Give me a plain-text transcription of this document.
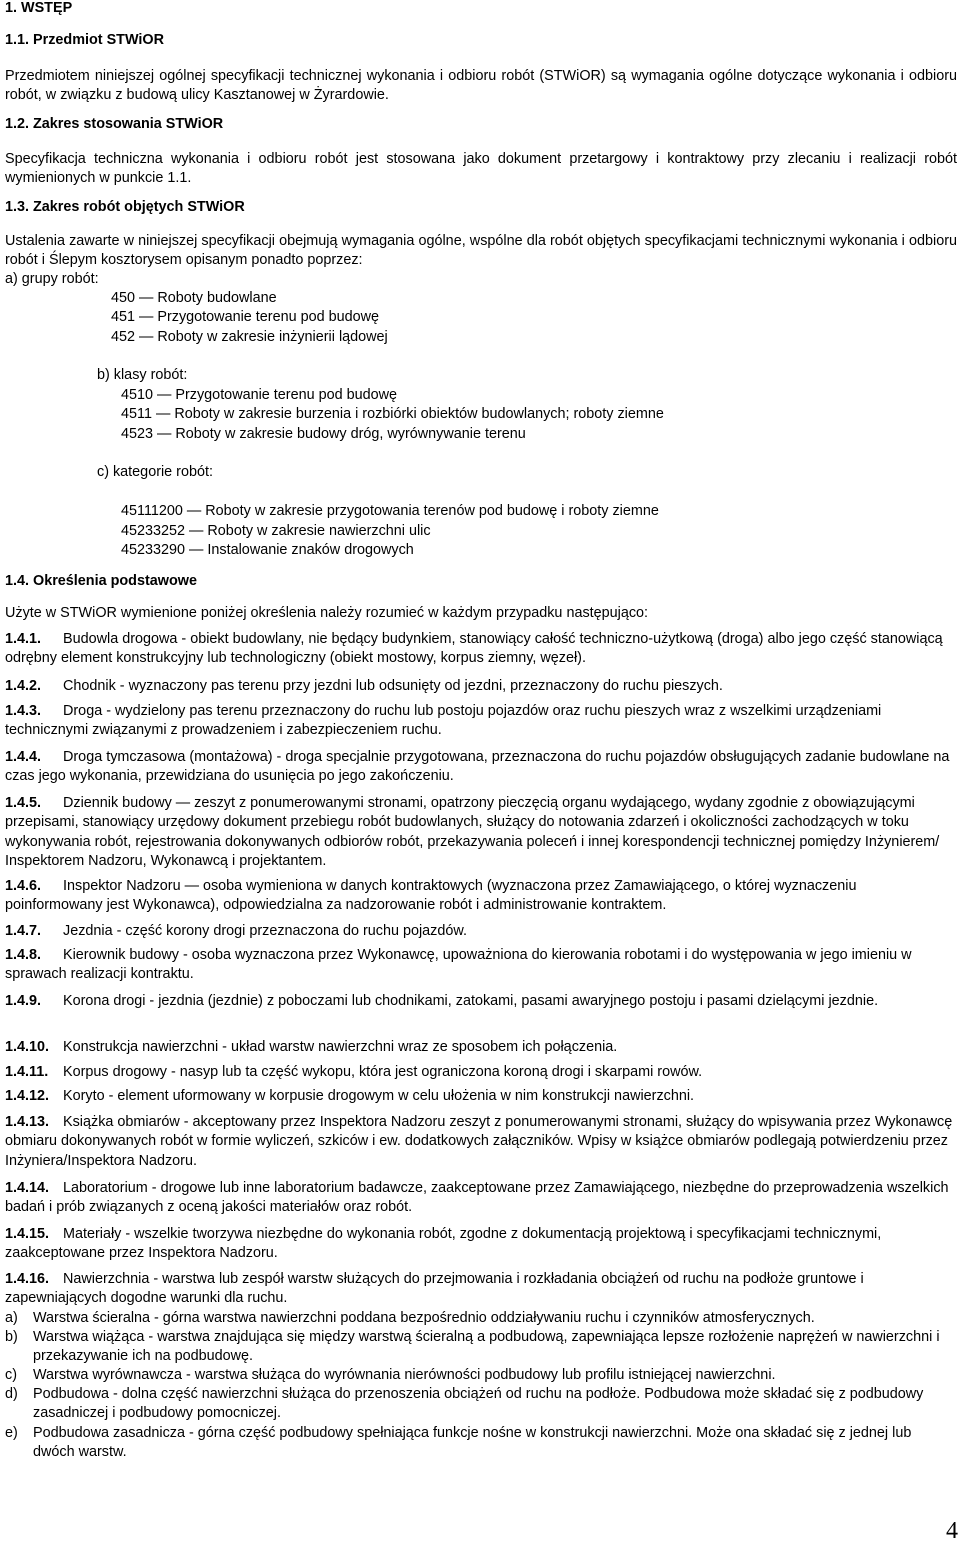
1. WSTĘP
1.1. Przedmiot STWiOR
Przedmiotem niniejszej ogólnej specyfikacji technicznej wykonania i odbioru robót (STWiOR) są wymagania ogólne dotyczące wykonania i odbioru robót, w związku z budową ulicy Kasztanowej w Żyrardowie.
1.2. Zakres stosowania STWiOR
Specyfikacja techniczna wykonania i odbioru robót jest stosowana jako dokument przetargowy i kontraktowy przy zlecaniu i realizacji robót wymienionych w punkcie 1.1.
1.3. Zakres robót objętych STWiOR
Ustalenia zawarte w niniejszej specyfikacji obejmują wymagania ogólne, wspólne dla robót objętych specyfikacjami technicznymi wykonania i odbioru robót i Ślepym kosztorysem opisanym ponadto poprzez:
a) grupy robót:
450 — Roboty budowlane
451 — Przygotowanie terenu pod budowę
452 — Roboty w zakresie inżynierii lądowej
b) klasy robót:
4510 — Przygotowanie terenu pod budowę
4511 — Roboty w zakresie burzenia i rozbiórki obiektów budowlanych; roboty ziemne
4523 — Roboty w zakresie budowy dróg, wyrównywanie terenu
c) kategorie robót:
45111200 — Roboty w zakresie przygotowania terenów pod budowę i roboty ziemne
45233252 — Roboty w zakresie nawierzchni ulic
45233290 — Instalowanie znaków drogowych
1.4. Określenia podstawowe
Użyte w STWiOR wymienione poniżej określenia należy rozumieć w każdym przypadku następująco:
1.4.1.	Budowla drogowa - obiekt budowlany, nie będący budynkiem, stanowiący całość techniczno-użytkową (droga) albo jego część stanowiącą odrębny element konstrukcyjny lub technologiczny (obiekt mostowy, korpus ziemny, węzeł).
1.4.2.	Chodnik - wyznaczony pas terenu przy jezdni lub odsunięty od jezdni, przeznaczony do ruchu pieszych.
1.4.3.	Droga - wydzielony pas terenu przeznaczony do ruchu lub postoju pojazdów oraz ruchu pieszych wraz z wszelkimi urządzeniami technicznymi związanymi z prowadzeniem i zabezpieczeniem ruchu.
1.4.4.	Droga tymczasowa (montażowa) - droga specjalnie przygotowana, przeznaczona do ruchu pojazdów obsługujących zadanie budowlane na czas jego wykonania, przewidziana do usunięcia po jego zakończeniu.
1.4.5.	Dziennik budowy — zeszyt z ponumerowanymi stronami, opatrzony pieczęcią organu wydającego, wydany zgodnie z obowiązującymi przepisami, stanowiący urzędowy dokument przebiegu robót budowlanych, służący do notowania zdarzeń i okoliczności zachodzących w toku wykonywania robót, rejestrowania dokonywanych odbiorów robót, przekazywania poleceń i innej korespondencji technicznej pomiędzy Inżynierem/ Inspektorem Nadzoru, Wykonawcą i projektantem.
1.4.6.	Inspektor Nadzoru — osoba wymieniona w danych kontraktowych (wyznaczona przez Zamawiającego, o której wyznaczeniu poinformowany jest Wykonawca), odpowiedzialna za nadzorowanie robót i administrowanie kontraktem.
1.4.7.	Jezdnia - część korony drogi przeznaczona do ruchu pojazdów.
1.4.8.	Kierownik budowy - osoba wyznaczona przez Wykonawcę, upoważniona do kierowania robotami i do występowania w jego imieniu w sprawach realizacji kontraktu.
1.4.9.	Korona drogi - jezdnia (jezdnie) z poboczami lub chodnikami, zatokami, pasami awaryjnego postoju i pasami dzielącymi jezdnie.
1.4.10. Konstrukcja nawierzchni - układ warstw nawierzchni wraz ze sposobem ich połączenia.
1.4.11.	Korpus drogowy - nasyp lub ta część wykopu, która jest ograniczona koroną drogi i skarpami rowów.
1.4.12. Koryto - element uformowany w korpusie drogowym w celu ułożenia w nim konstrukcji nawierzchni.
1.4.13. Książka obmiarów - akceptowany przez Inspektora Nadzoru zeszyt z ponumerowanymi stronami, służący do wpisywania przez Wykonawcę obmiaru dokonywanych robót w formie wyliczeń, szkiców i ew. dodatkowych załączników. Wpisy w książce obmiarów podlegają potwierdzeniu przez Inżyniera/Inspektora Nadzoru.
1.4.14. Laboratorium - drogowe lub inne laboratorium badawcze, zaakceptowane przez Zamawiającego, niezbędne do przeprowadzenia wszelkich badań i prób związanych z oceną jakości materiałów oraz robót.
1.4.15. Materiały - wszelkie tworzywa niezbędne do wykonania robót, zgodne z dokumentacją projektową i specyfikacjami technicznymi, zaakceptowane przez Inspektora Nadzoru.
1.4.16. Nawierzchnia - warstwa lub zespół warstw służących do przejmowania i rozkładania obciążeń od ruchu na podłoże gruntowe i zapewniających dogodne warunki dla ruchu.
a) Warstwa ścieralna - górna warstwa nawierzchni poddana bezpośrednio oddziaływaniu ruchu i czynników atmosferycznych.
b) Warstwa wiążąca - warstwa znajdująca się między warstwą ścieralną a podbudową, zapewniająca lepsze rozłożenie naprężeń w nawierzchni i przekazywanie ich na podbudowę.
c) Warstwa wyrównawcza - warstwa służąca do wyrównania nierówności podbudowy lub profilu istniejącej nawierzchni.
d) Podbudowa - dolna część nawierzchni służąca do przenoszenia obciążeń od ruchu na podłoże. Podbudowa może składać się z podbudowy zasadniczej i podbudowy pomocniczej.
e) Podbudowa zasadnicza - górna część podbudowy spełniająca funkcje nośne w konstrukcji nawierzchni. Może ona składać się z jednej lub dwóch warstw.
4
